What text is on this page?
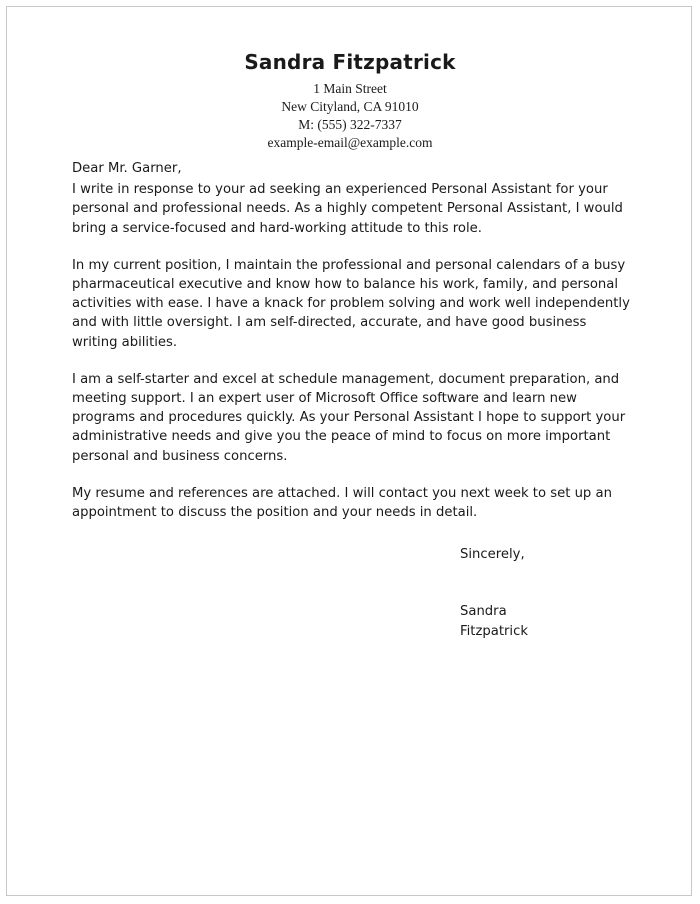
Sandra Fitzpatrick
1 Main Street
New Cityland, CA 91010
M: (555) 322-7337
example-email@example.com

Dear Mr. Garner,

I write in response to your ad seeking an experienced Personal Assistant for your personal and professional needs. As a highly competent Personal Assistant, I would bring a service-focused and hard-working attitude to this role.

In my current position, I maintain the professional and personal calendars of a busy pharmaceutical executive and know how to balance his work, family, and personal activities with ease. I have a knack for problem solving and work well independently and with little oversight. I am self-directed, accurate, and have good business writing abilities.

I am a self-starter and excel at schedule management, document preparation, and meeting support. I an expert user of Microsoft Office software and learn new programs and procedures quickly. As your Personal Assistant I hope to support your administrative needs and give you the peace of mind to focus on more important personal and business concerns.

My resume and references are attached. I will contact you next week to set up an appointment to discuss the position and your needs in detail.

Sincerely,
Sandra
Fitzpatrick
